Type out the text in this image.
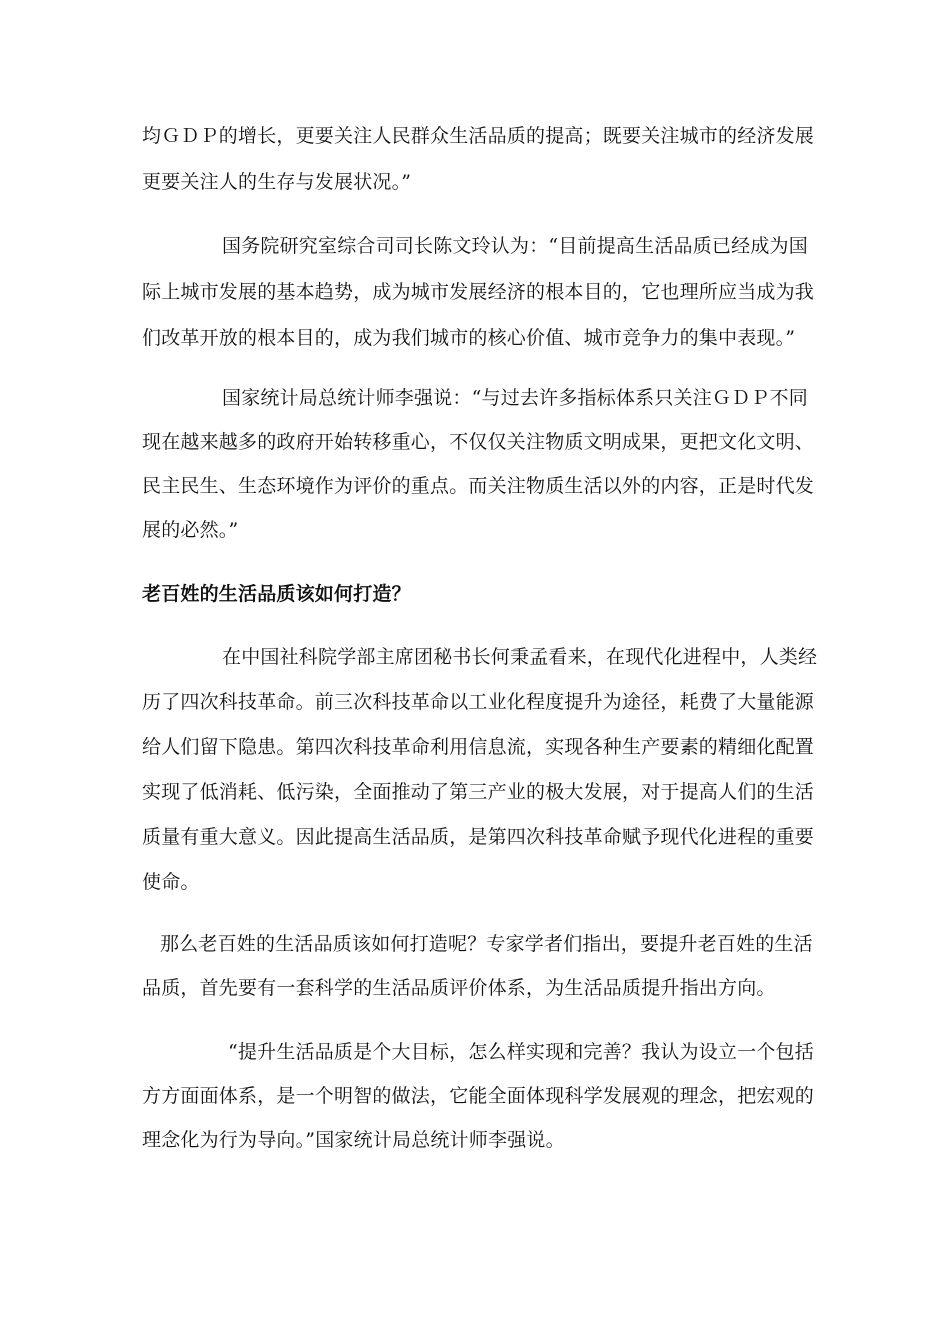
均ＧＤＰ的增长，更要关注人民群众生活品质的提高；既要关注城市的经济发展
更要关注人的生存与发展状况。”
国务院研究室综合司司长陈文玲认为：“目前提高生活品质已经成为国
际上城市发展的基本趋势，成为城市发展经济的根本目的，它也理所应当成为我
们改革开放的根本目的，成为我们城市的核心价值、城市竞争力的集中表现。”
国家统计局总统计师李强说：“与过去许多指标体系只关注ＧＤＰ不同
现在越来越多的政府开始转移重心，不仅仅关注物质文明成果，更把文化文明、
民主民生、生态环境作为评价的重点。而关注物质生活以外的内容，正是时代发
展的必然。”
老百姓的生活品质该如何打造？
在中国社科院学部主席团秘书长何秉孟看来，在现代化进程中，人类经
历了四次科技革命。前三次科技革命以工业化程度提升为途径，耗费了大量能源
给人们留下隐患。第四次科技革命利用信息流，实现各种生产要素的精细化配置
实现了低消耗、低污染，全面推动了第三产业的极大发展，对于提高人们的生活
质量有重大意义。因此提高生活品质，是第四次科技革命赋予现代化进程的重要
使命。
那么老百姓的生活品质该如何打造呢？专家学者们指出，要提升老百姓的生活
品质，首先要有一套科学的生活品质评价体系，为生活品质提升指出方向。
“提升生活品质是个大目标，怎么样实现和完善？我认为设立一个包括
方方面面体系，是一个明智的做法，它能全面体现科学发展观的理念，把宏观的
理念化为行为导向。”国家统计局总统计师李强说。
